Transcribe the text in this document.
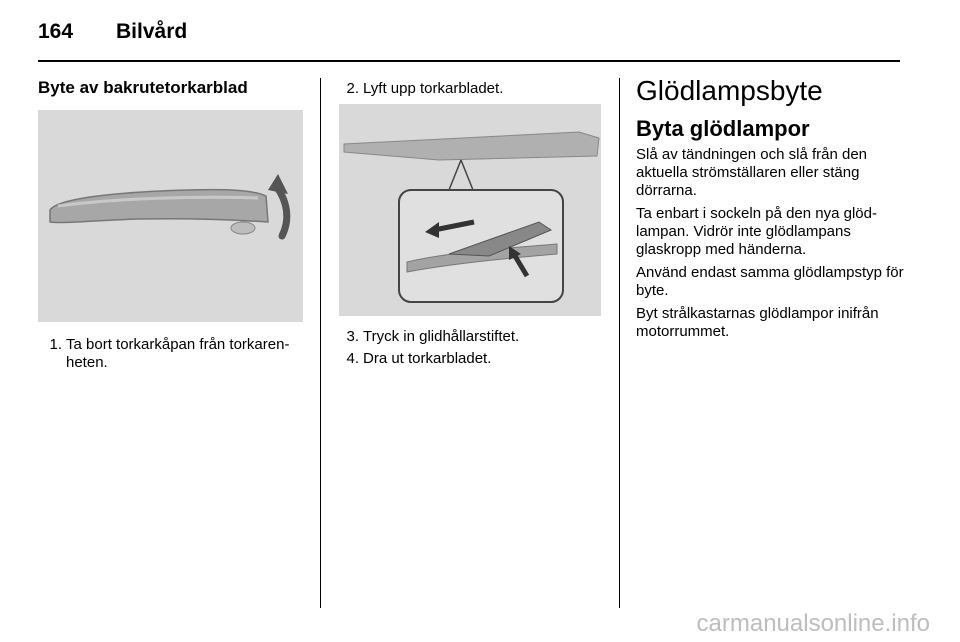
164 Bilvård
Byte av bakrutetorkarblad
1. Ta bort torkarkåpan från torkaren- heten.
2. Lyft upp torkarbladet.
3. Tryck in glidhållarstiftet.
4. Dra ut torkarbladet.
Glödlampsbyte
Byta glödlampor

Slå av tändningen och slå från den aktuella strömställaren eller stäng dörrarna.

Ta enbart i sockeln på den nya glöd- lampan. Vidrör inte glödlampans glaskropp med händerna.

Använd endast samma glödlampstyp för byte.

Byt strålkastarnas glödlampor inifrån motorrummet.

carmanualsonline.info
